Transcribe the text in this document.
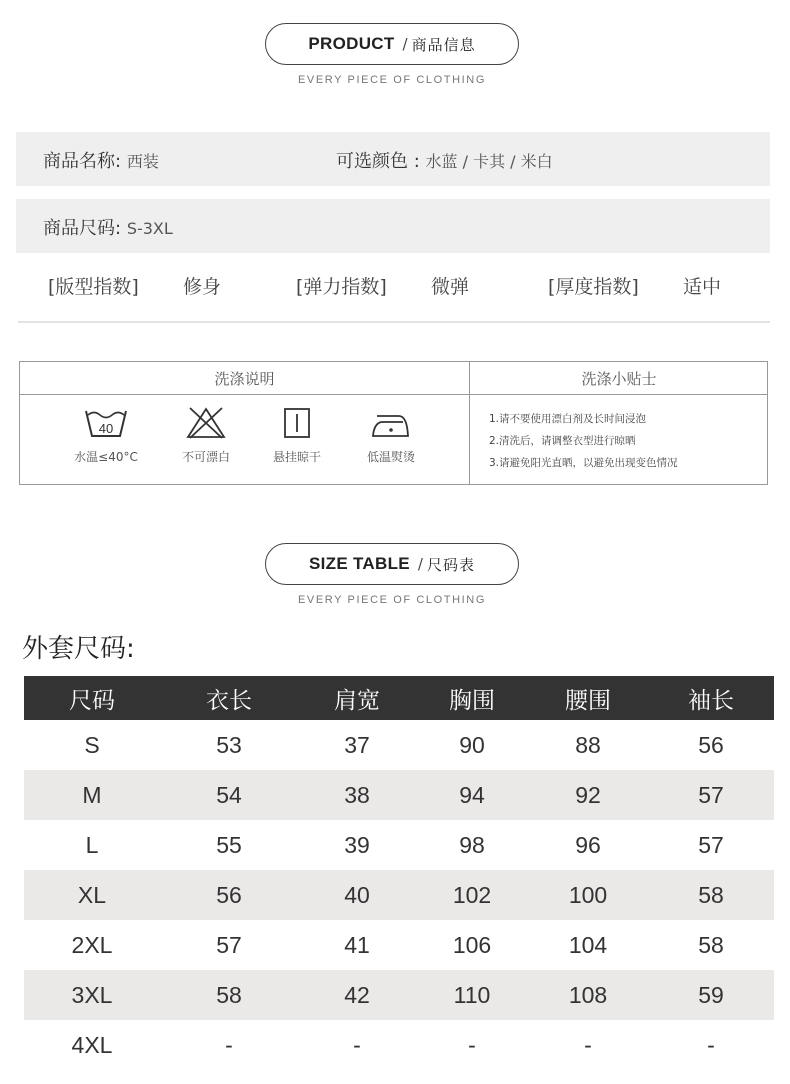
PRODUCT / 商品信息
EVERY PIECE OF CLOTHING
商品名称: 西装	可选颜色 : 水蓝 / 卡其 / 米白
商品尺码: S-3XL
[版型指数] 修身	[弹力指数] 微弹	[厚度指数] 适中
洗涤说明	洗涤小贴士
40
水温≤40°C	不可漂白	悬挂晾干	低温熨烫
1.请不要使用漂白剂及长时间浸泡
2.清洗后，请调整衣型进行晾晒
3.请避免阳光直晒，以避免出现变色情况
SIZE TABLE / 尺码表
EVERY PIECE OF CLOTHING
外套尺码:
尺码	衣长	肩宽	胸围	腰围	袖长
S	53	37	90	88	56
M	54	38	94	92	57
L	55	39	98	96	57
XL	56	40	102	100	58
2XL	57	41	106	104	58
3XL	58	42	110	108	59
4XL	-	-	-	-	-
